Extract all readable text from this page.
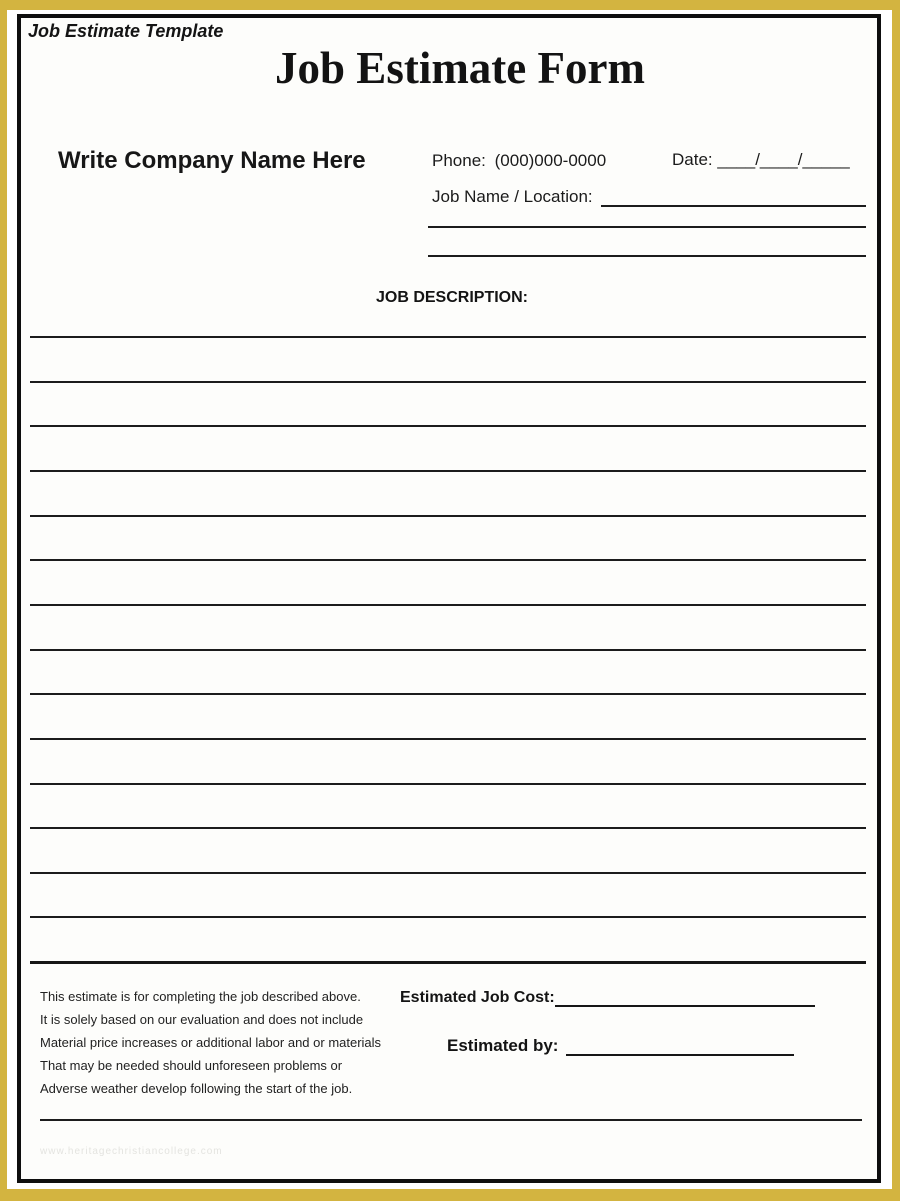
Job Estimate Template
Job Estimate Form
Write Company Name Here	Phone: (000)000-0000	Date: ____/____/_____
Job Name / Location:
JOB DESCRIPTION:
This estimate is for completing the job described above.
It is solely based on our evaluation and does not include
Material price increases or additional labor and or materials
That may be needed should unforeseen problems or
Adverse weather develop following the start of the job.
Estimated Job Cost:
Estimated by:
www.heritagechristiancollege.com
